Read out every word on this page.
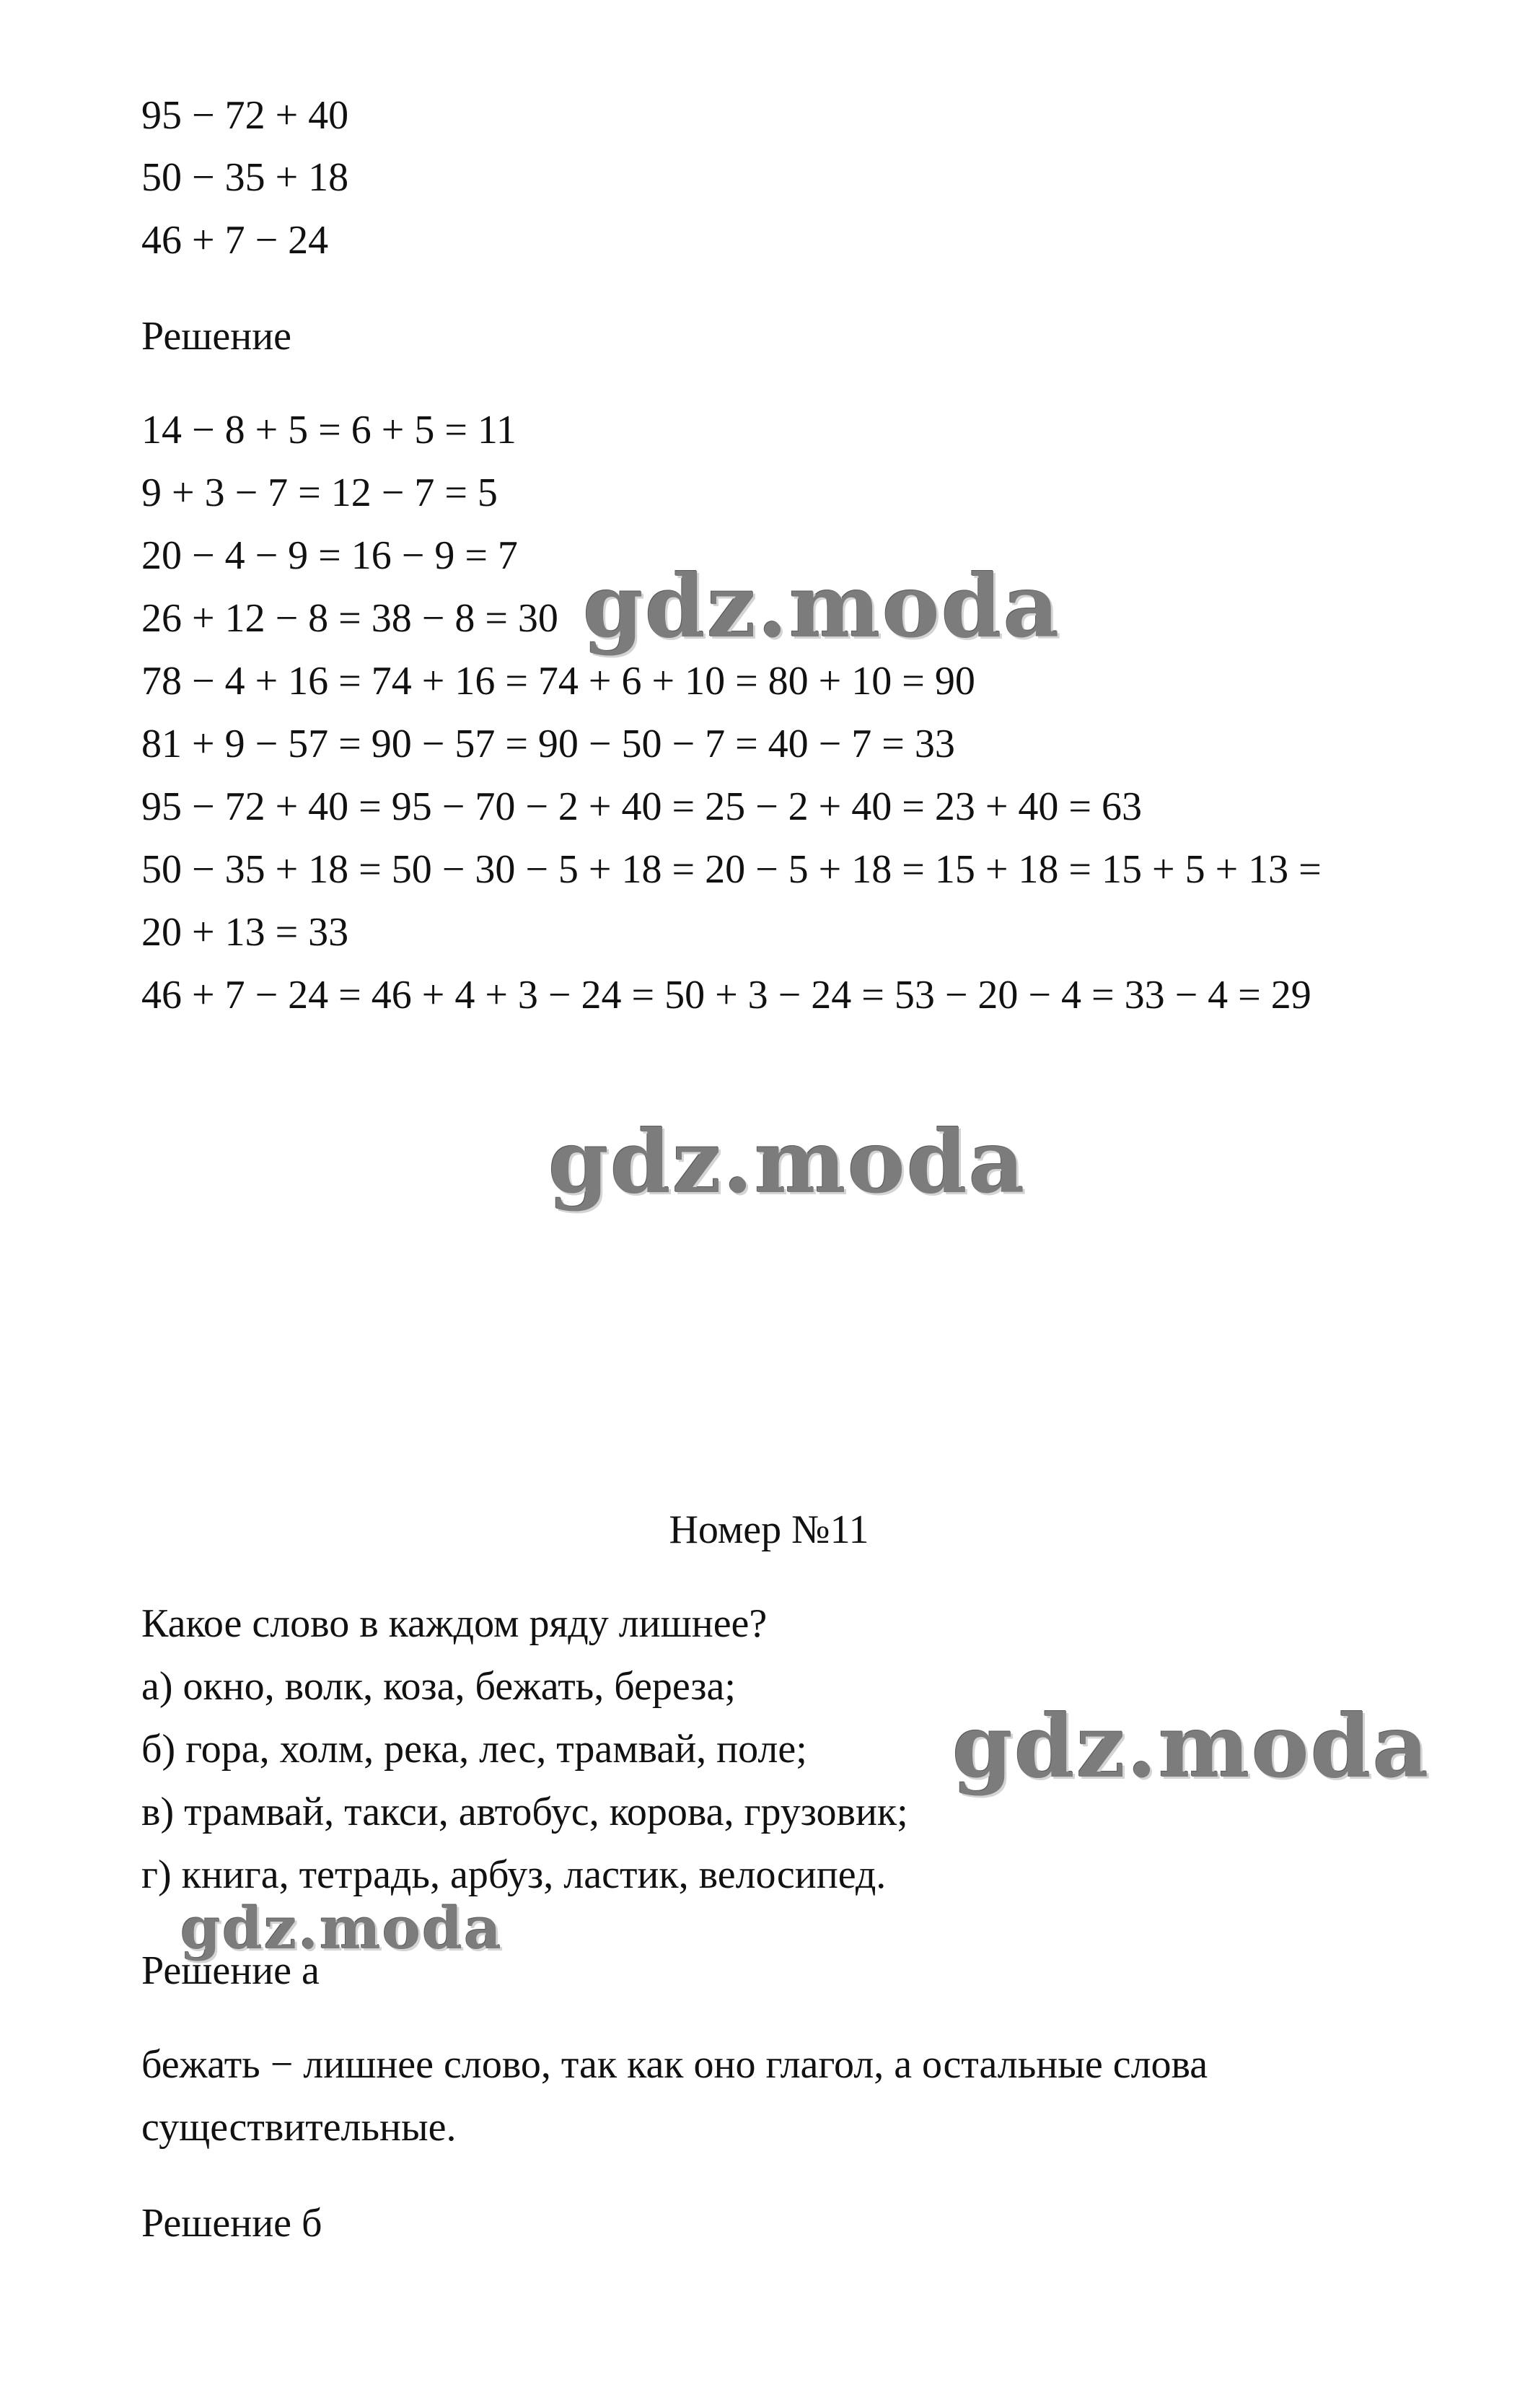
95 − 72 + 40

50 − 35 + 18

46 + 7 − 24

Решение

14 − 8 + 5 = 6 + 5 = 11

9 + 3 − 7 = 12 − 7 = 5

20 − 4 − 9 = 16 − 9 = 7

26 + 12 − 8 = 38 − 8 = 30

78 − 4 + 16 = 74 + 16 = 74 + 6 + 10 = 80 + 10 = 90

81 + 9 − 57 = 90 − 57 = 90 − 50 − 7 = 40 − 7 = 33

95 − 72 + 40 = 95 − 70 − 2 + 40 = 25 − 2 + 40 = 23 + 40 = 63

50 − 35 + 18 = 50 − 30 − 5 + 18 = 20 − 5 + 18 = 15 + 18 = 15 + 5 + 13 =

20 + 13 = 33

46 + 7 − 24 = 46 + 4 + 3 − 24 = 50 + 3 − 24 = 53 − 20 − 4 = 33 − 4 = 29

Номер №11

Какое слово в каждом ряду лишнее?

а) окно, волк, коза, бежать, береза;

б) гора, холм, река, лес, трамвай, поле;

в) трамвай, такси, автобус, корова, грузовик;

г) книга, тетрадь, арбуз, ластик, велосипед.

Решение а

бежать − лишнее слово, так как оно глагол, а остальные слова

существительные.

Решение б

gdz.moda
gdz.moda
gdz.moda
gdz.moda
